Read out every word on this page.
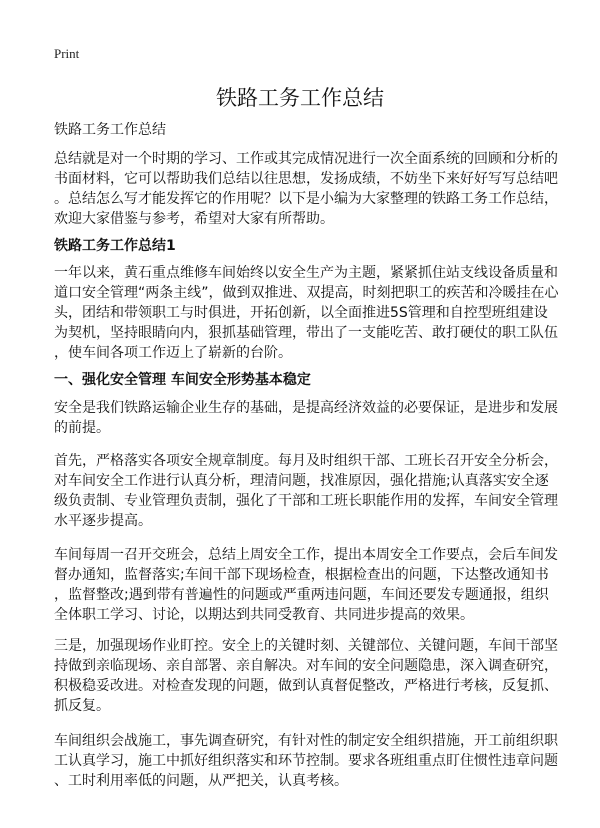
Print
铁路工务工作总结
铁路工务工作总结
总结就是对一个时期的学习、工作或其完成情况进行一次全面系统的回顾和分析的
书面材料，它可以帮助我们总结以往思想，发扬成绩，不妨坐下来好好写写总结吧
。总结怎么写才能发挥它的作用呢？以下是小编为大家整理的铁路工务工作总结，
欢迎大家借鉴与参考，希望对大家有所帮助。
铁路工务工作总结1
一年以来，黄石重点维修车间始终以安全生产为主题，紧紧抓住站支线设备质量和
道口安全管理“两条主线”，做到双推进、双提高，时刻把职工的疾苦和冷暖挂在心
头，团结和带领职工与时俱进，开拓创新，以全面推进5S管理和自控型班组建设
为契机，坚持眼睛向内，狠抓基础管理，带出了一支能吃苦、敢打硬仗的职工队伍
，使车间各项工作迈上了崭新的台阶。
一、强化安全管理 车间安全形势基本稳定
安全是我们铁路运输企业生存的基础，是提高经济效益的必要保证，是进步和发展
的前提。
首先，严格落实各项安全规章制度。每月及时组织干部、工班长召开安全分析会，
对车间安全工作进行认真分析，理清问题，找准原因，强化措施;认真落实安全逐
级负责制、专业管理负责制，强化了干部和工班长职能作用的发挥，车间安全管理
水平逐步提高。
车间每周一召开交班会，总结上周安全工作，提出本周安全工作要点，会后车间发
督办通知，监督落实;车间干部下现场检查，根据检查出的问题，下达整改通知书
，监督整改;遇到带有普遍性的问题或严重两违问题，车间还要发专题通报，组织
全体职工学习、讨论，以期达到共同受教育、共同进步提高的效果。
三是，加强现场作业盯控。安全上的关键时刻、关键部位、关键问题，车间干部坚
持做到亲临现场、亲自部署、亲自解决。对车间的安全问题隐患，深入调查研究，
积极稳妥改进。对检查发现的问题，做到认真督促整改，严格进行考核，反复抓、
抓反复。
车间组织会战施工，事先调查研究，有针对性的制定安全组织措施，开工前组织职
工认真学习，施工中抓好组织落实和环节控制。要求各班组重点盯住惯性违章问题
、工时利用率低的问题，从严把关，认真考核。
